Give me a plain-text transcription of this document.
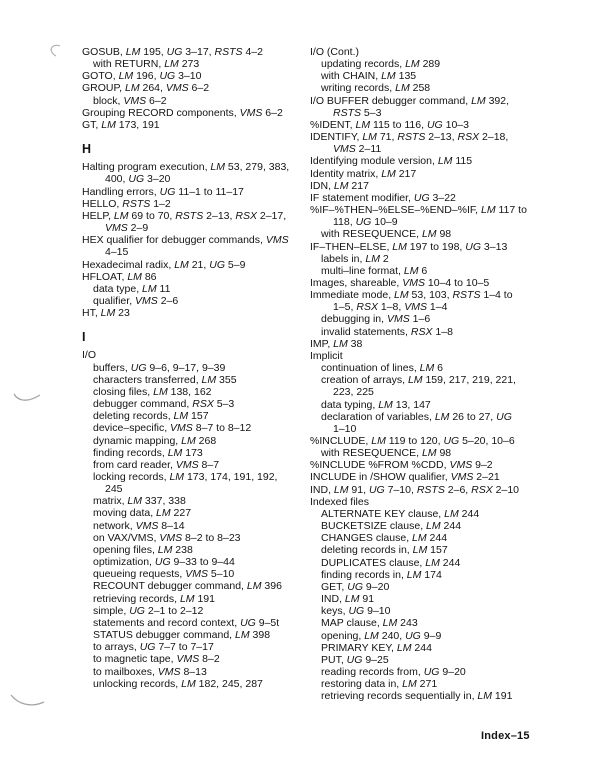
GOSUB, LM 195, UG 3–17, RSTS 4–2
with RETURN, LM 273
GOTO, LM 196, UG 3–10
GROUP, LM 264, VMS 6–2
block, VMS 6–2
Grouping RECORD components, VMS 6–2
GT, LM 173, 191
H
Halting program execution, LM 53, 279, 383,
400, UG 3–20
Handling errors, UG 11–1 to 11–17
HELLO, RSTS 1–2
HELP, LM 69 to 70, RSTS 2–13, RSX 2–17,
VMS 2–9
HEX qualifier for debugger commands, VMS
4–15
Hexadecimal radix, LM 21, UG 5–9
HFLOAT, LM 86
data type, LM 11
qualifier, VMS 2–6
HT, LM 23
I
I/O
buffers, UG 9–6, 9–17, 9–39
characters transferred, LM 355
closing files, LM 138, 162
debugger command, RSX 5–3
deleting records, LM 157
device–specific, VMS 8–7 to 8–12
dynamic mapping, LM 268
finding records, LM 173
from card reader, VMS 8–7
locking records, LM 173, 174, 191, 192,
245
matrix, LM 337, 338
moving data, LM 227
network, VMS 8–14
on VAX/VMS, VMS 8–2 to 8–23
opening files, LM 238
optimization, UG 9–33 to 9–44
queueing requests, VMS 5–10
RECOUNT debugger command, LM 396
retrieving records, LM 191
simple, UG 2–1 to 2–12
statements and record context, UG 9–5t
STATUS debugger command, LM 398
to arrays, UG 7–7 to 7–17
to magnetic tape, VMS 8–2
to mailboxes, VMS 8–13
unlocking records, LM 182, 245, 287
I/O (Cont.)
updating records, LM 289
with CHAIN, LM 135
writing records, LM 258
I/O BUFFER debugger command, LM 392,
RSTS 5–3
%IDENT, LM 115 to 116, UG 10–3
IDENTIFY, LM 71, RSTS 2–13, RSX 2–18,
VMS 2–11
Identifying module version, LM 115
Identity matrix, LM 217
IDN, LM 217
IF statement modifier, UG 3–22
%IF–%THEN–%ELSE–%END–%IF, LM 117 to
118, UG 10–9
with RESEQUENCE, LM 98
IF–THEN–ELSE, LM 197 to 198, UG 3–13
labels in, LM 2
multi–line format, LM 6
Images, shareable, VMS 10–4 to 10–5
Immediate mode, LM 53, 103, RSTS 1–4 to
1–5, RSX 1–8, VMS 1–4
debugging in, VMS 1–6
invalid statements, RSX 1–8
IMP, LM 38
Implicit
continuation of lines, LM 6
creation of arrays, LM 159, 217, 219, 221,
223, 225
data typing, LM 13, 147
declaration of variables, LM 26 to 27, UG
1–10
%INCLUDE, LM 119 to 120, UG 5–20, 10–6
with RESEQUENCE, LM 98
%INCLUDE %FROM %CDD, VMS 9–2
INCLUDE in /SHOW qualifier, VMS 2–21
IND, LM 91, UG 7–10, RSTS 2–6, RSX 2–10
Indexed files
ALTERNATE KEY clause, LM 244
BUCKETSIZE clause, LM 244
CHANGES clause, LM 244
deleting records in, LM 157
DUPLICATES clause, LM 244
finding records in, LM 174
GET, UG 9–20
IND, LM 91
keys, UG 9–10
MAP clause, LM 243
opening, LM 240, UG 9–9
PRIMARY KEY, LM 244
PUT, UG 9–25
reading records from, UG 9–20
restoring data in, LM 271
retrieving records sequentially in, LM 191
Index–15
